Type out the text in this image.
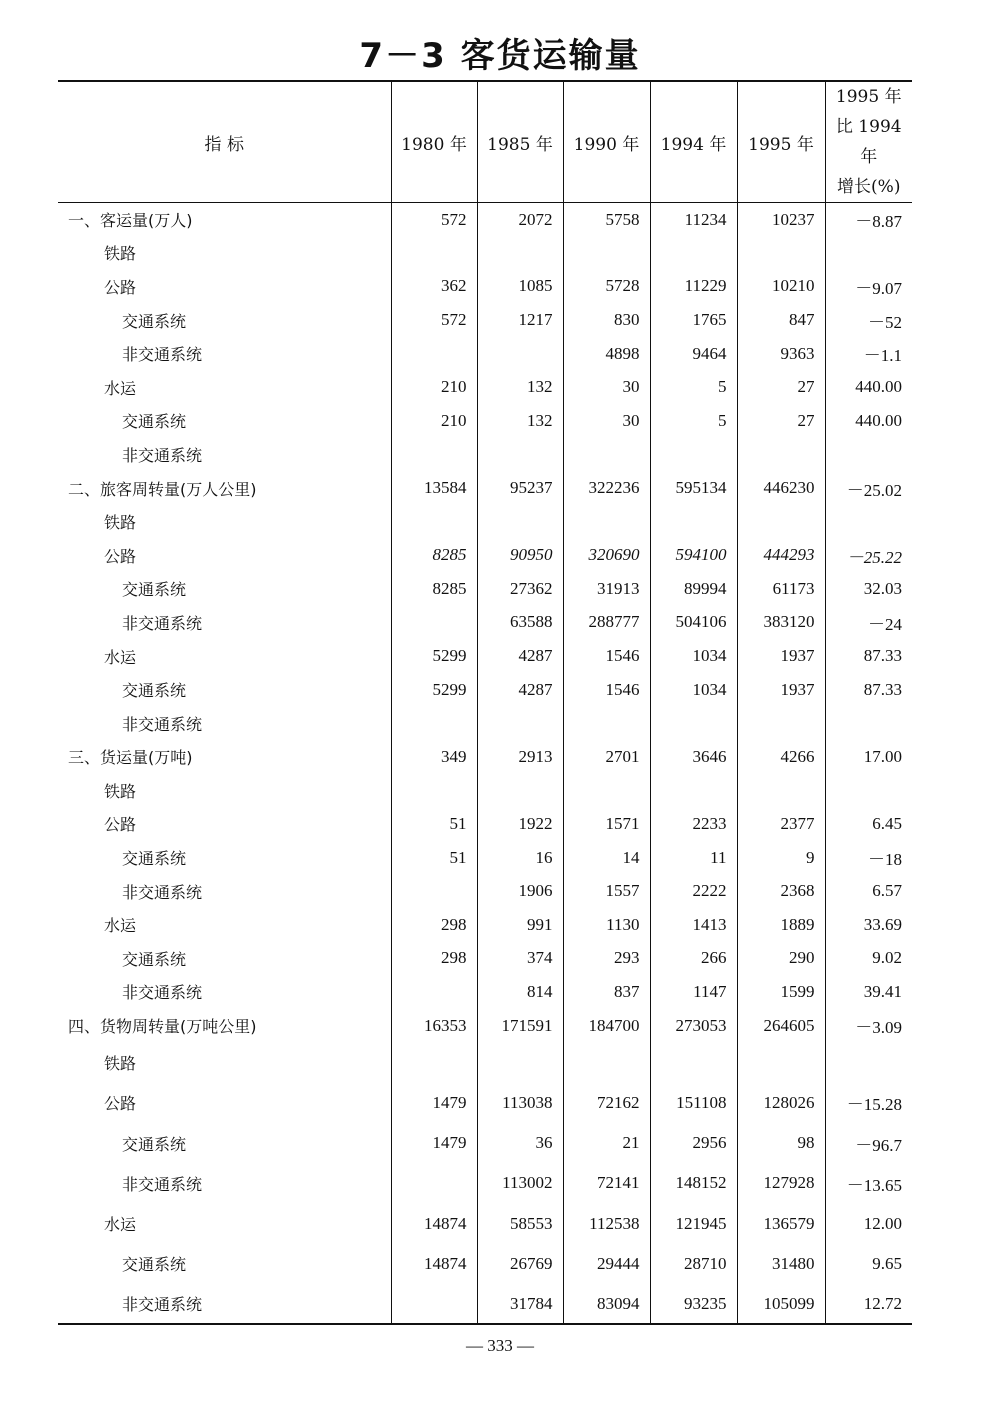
7－3 客货运输量
指 标	1980 年	1985 年	1990 年	1994 年	1995 年	1995 年
比 1994 年
增长(%)

一、客运量(万人)	572	2072	5758	11234	10237	－8.87
铁路						
公路	362	1085	5728	11229	10210	－9.07
交通系统	572	1217	830	1765	847	－52
非交通系统			4898	9464	9363	－1.1
水运	210	132	30	5	27	440.00
交通系统	210	132	30	5	27	440.00
非交通系统						
二、旅客周转量(万人公里)	13584	95237	322236	595134	446230	－25.02
铁路						
公路	8285	90950	320690	594100	444293	－25.22
交通系统	8285	27362	31913	89994	61173	32.03
非交通系统		63588	288777	504106	383120	－24
水运	5299	4287	1546	1034	1937	87.33
交通系统	5299	4287	1546	1034	1937	87.33
非交通系统						
三、货运量(万吨)	349	2913	2701	3646	4266	17.00
铁路						
公路	51	1922	1571	2233	2377	6.45
交通系统	51	16	14	11	9	－18
非交通系统		1906	1557	2222	2368	6.57
水运	298	991	1130	1413	1889	33.69
交通系统	298	374	293	266	290	9.02
非交通系统		814	837	1147	1599	39.41
四、货物周转量(万吨公里)	16353	171591	184700	273053	264605	－3.09
铁路						
公路	1479	113038	72162	151108	128026	－15.28
交通系统	1479	36	21	2956	98	－96.7
非交通系统		113002	72141	148152	127928	－13.65
水运	14874	58553	112538	121945	136579	12.00
交通系统	14874	26769	29444	28710	31480	9.65
非交通系统		31784	83094	93235	105099	12.72
— 333 —
